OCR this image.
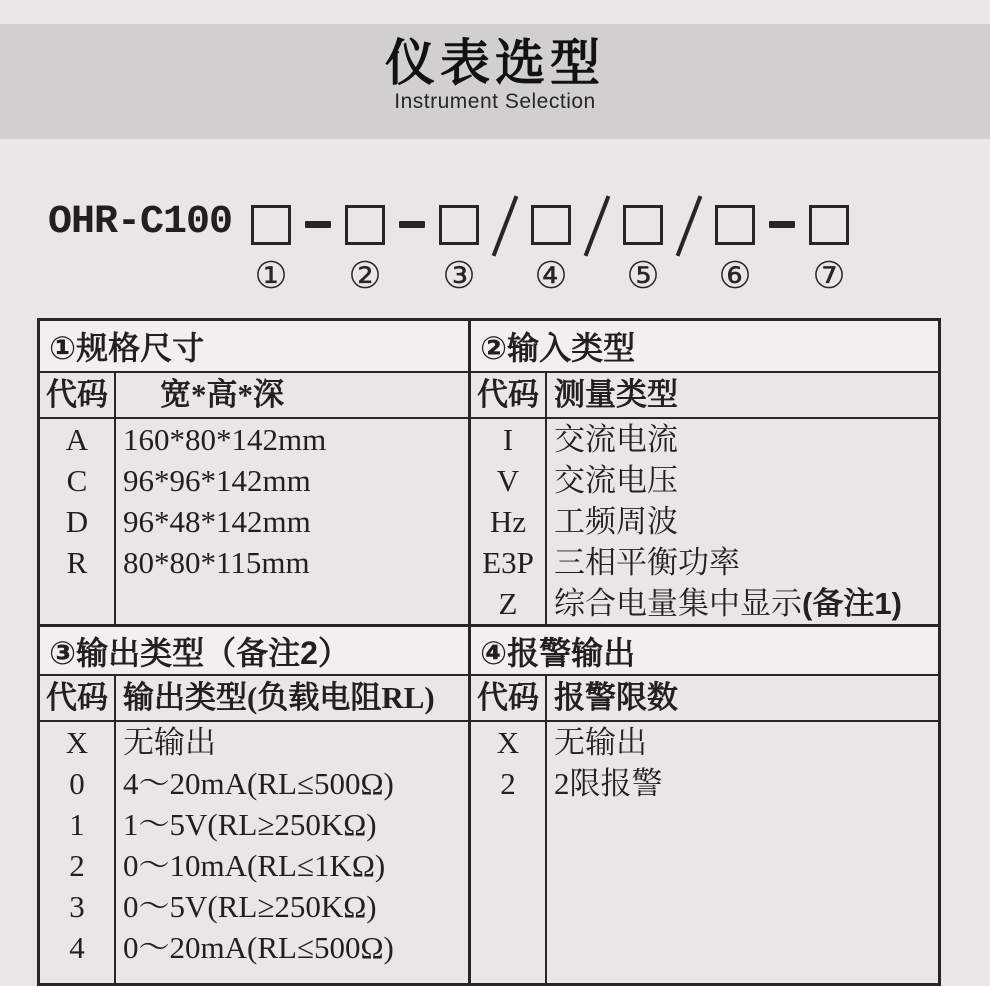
仪表选型
Instrument Selection
OHR-C100
① ② ③ ④ ⑤ ⑥ ⑦
①规格尺寸
代码	宽*高*深
A
C
D
R
160*80*142mm
96*96*142mm
96*48*142mm
80*80*115mm
③输出类型（备注2）
代码 输出类型(负载电阻RL)
X
0
1
2
3
4
无输出
4～20mA(RL≤500Ω)
1～5V(RL≥250KΩ)
0～10mA(RL≤1KΩ)
0～5V(RL≥250KΩ)
0～20mA(RL≤500Ω)
②输入类型
代码 测量类型
I
V
Hz
E3P
Z
交流电流
交流电压
工频周波
三相平衡功率
综合电量集中显示(备注1)
④报警输出
代码 报警限数
X
2
无输出
2限报警
